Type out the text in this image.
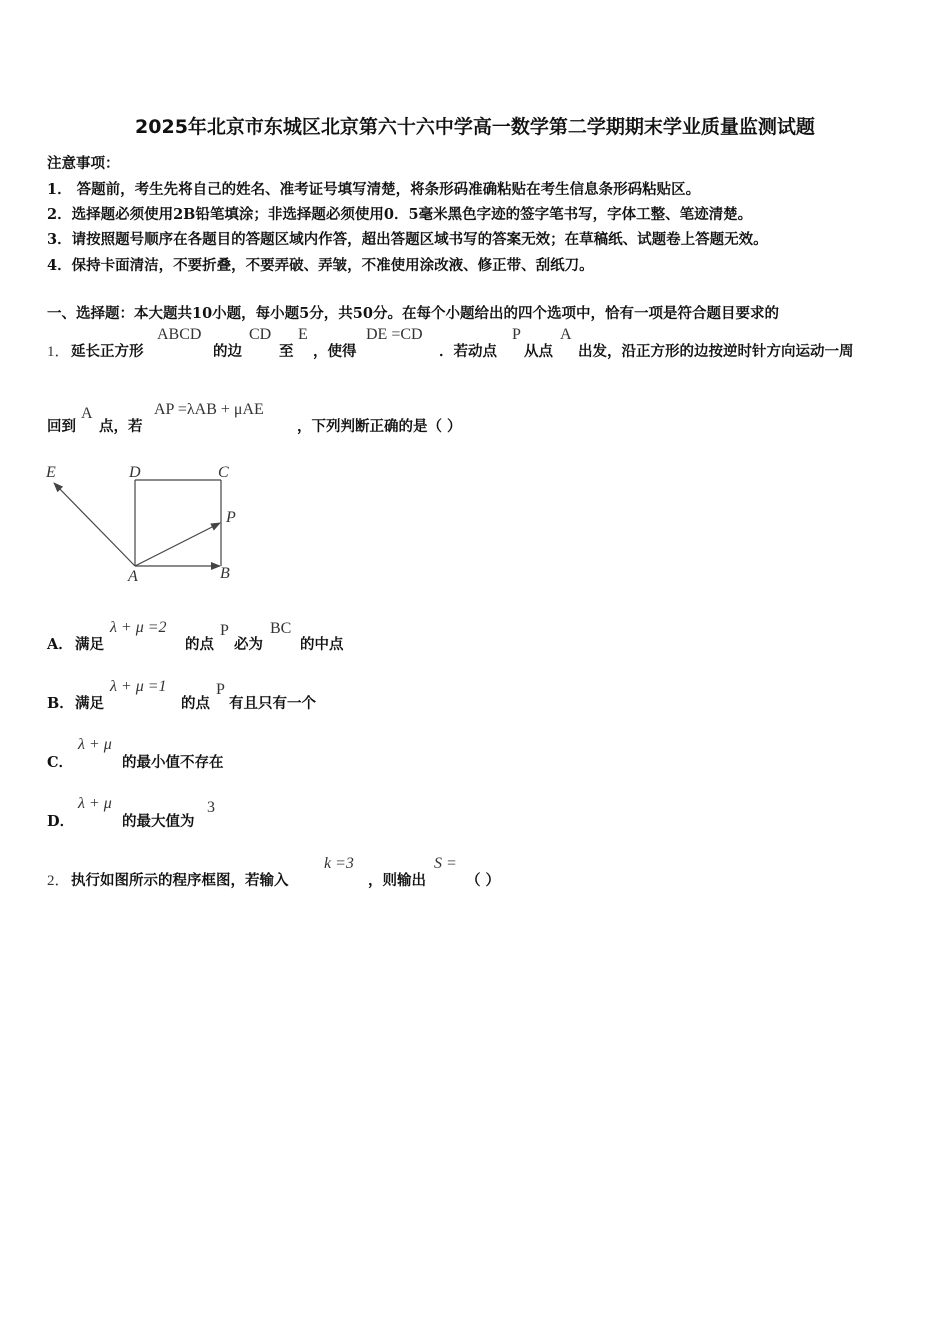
2025年北京市东城区北京第六十六中学高一数学第二学期期末学业质量监测试题
注意事项：
1． 答题前，考生先将自己的姓名、准考证号填写清楚，将条形码准确粘贴在考生信息条形码粘贴区。
2．选择题必须使用2B铅笔填涂；非选择题必须使用0．5毫米黑色字迹的签字笔书写，字体工整、笔迹清楚。
3．请按照题号顺序在各题目的答题区域内作答，超出答题区域书写的答案无效；在草稿纸、试题卷上答题无效。
4．保持卡面清洁，不要折叠，不要弄破、弄皱，不准使用涂改液、修正带、刮纸刀。
一、选择题：本大题共10小题，每小题5分，共50分。在每个小题给出的四个选项中，恰有一项是符合题目要求的
1． 延长正方形
ABCD
的边
CD
至
E
，使得
DE =CD
．若动点
P
从点
A
出发，沿正方形的边按逆时针方向运动一周
回到
A
点，若
AP =λAB + μAE
，下列判断正确的是（ ）
E	D	C
P
A	B
A． 满足
λ + μ =2
的点
P
必为
BC
的中点
B． 满足
λ + μ =1
的点
P
有且只有一个
C．
λ + μ
的最小值不存在
D．
λ + μ
的最大值为
3
2． 执行如图所示的程序框图，若输入
k =3
，则输出
S =
（ ）
